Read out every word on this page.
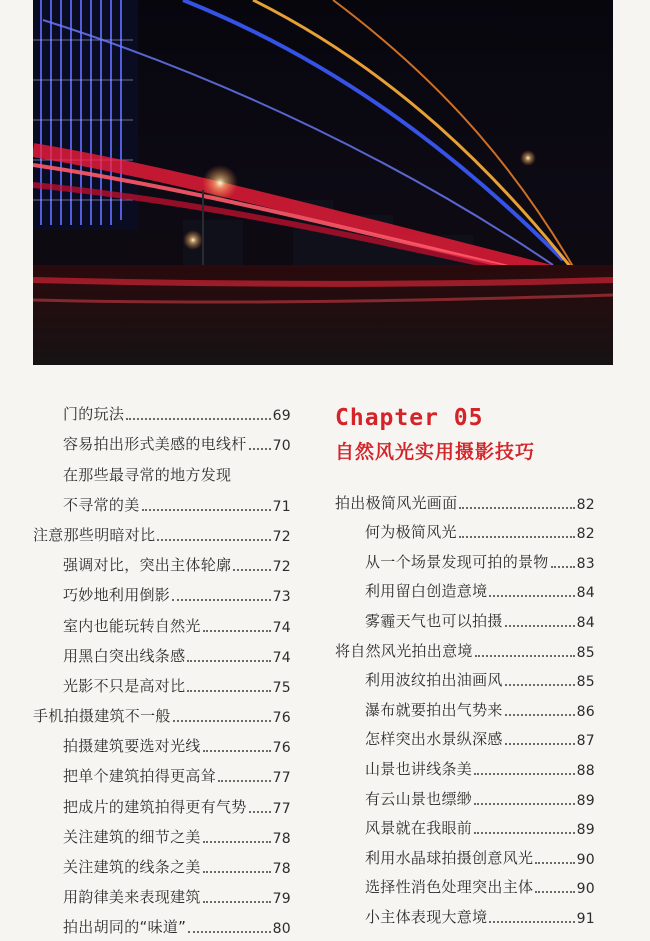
门的玩法	69
容易拍出形式美感的电线杆 70
在那些最寻常的地方发现
不寻常的美	71
注意那些明暗对比	72
强调对比，突出主体轮廓	72
巧妙地利用倒影	73
室内也能玩转自然光	74
用黑白突出线条感	74
光影不只是高对比	75
手机拍摄建筑不一般	76
拍摄建筑要选对光线	76
把单个建筑拍得更高耸	77
把成片的建筑拍得更有气势 77
关注建筑的细节之美	78
关注建筑的线条之美	78
用韵律美来表现建筑	79
拍出胡同的“味道”	80
Chapter 05
自然风光实用摄影技巧
拍出极简风光画面	82
何为极简风光	82
从一个场景发现可拍的景物 83
利用留白创造意境	84
雾霾天气也可以拍摄	84
将自然风光拍出意境	85
利用波纹拍出油画风	85
瀑布就要拍出气势来	86
怎样突出水景纵深感	87
山景也讲线条美	88
有云山景也缥缈	89
风景就在我眼前	89
利用水晶球拍摄创意风光	90
选择性消色处理突出主体	90
小主体表现大意境	91
